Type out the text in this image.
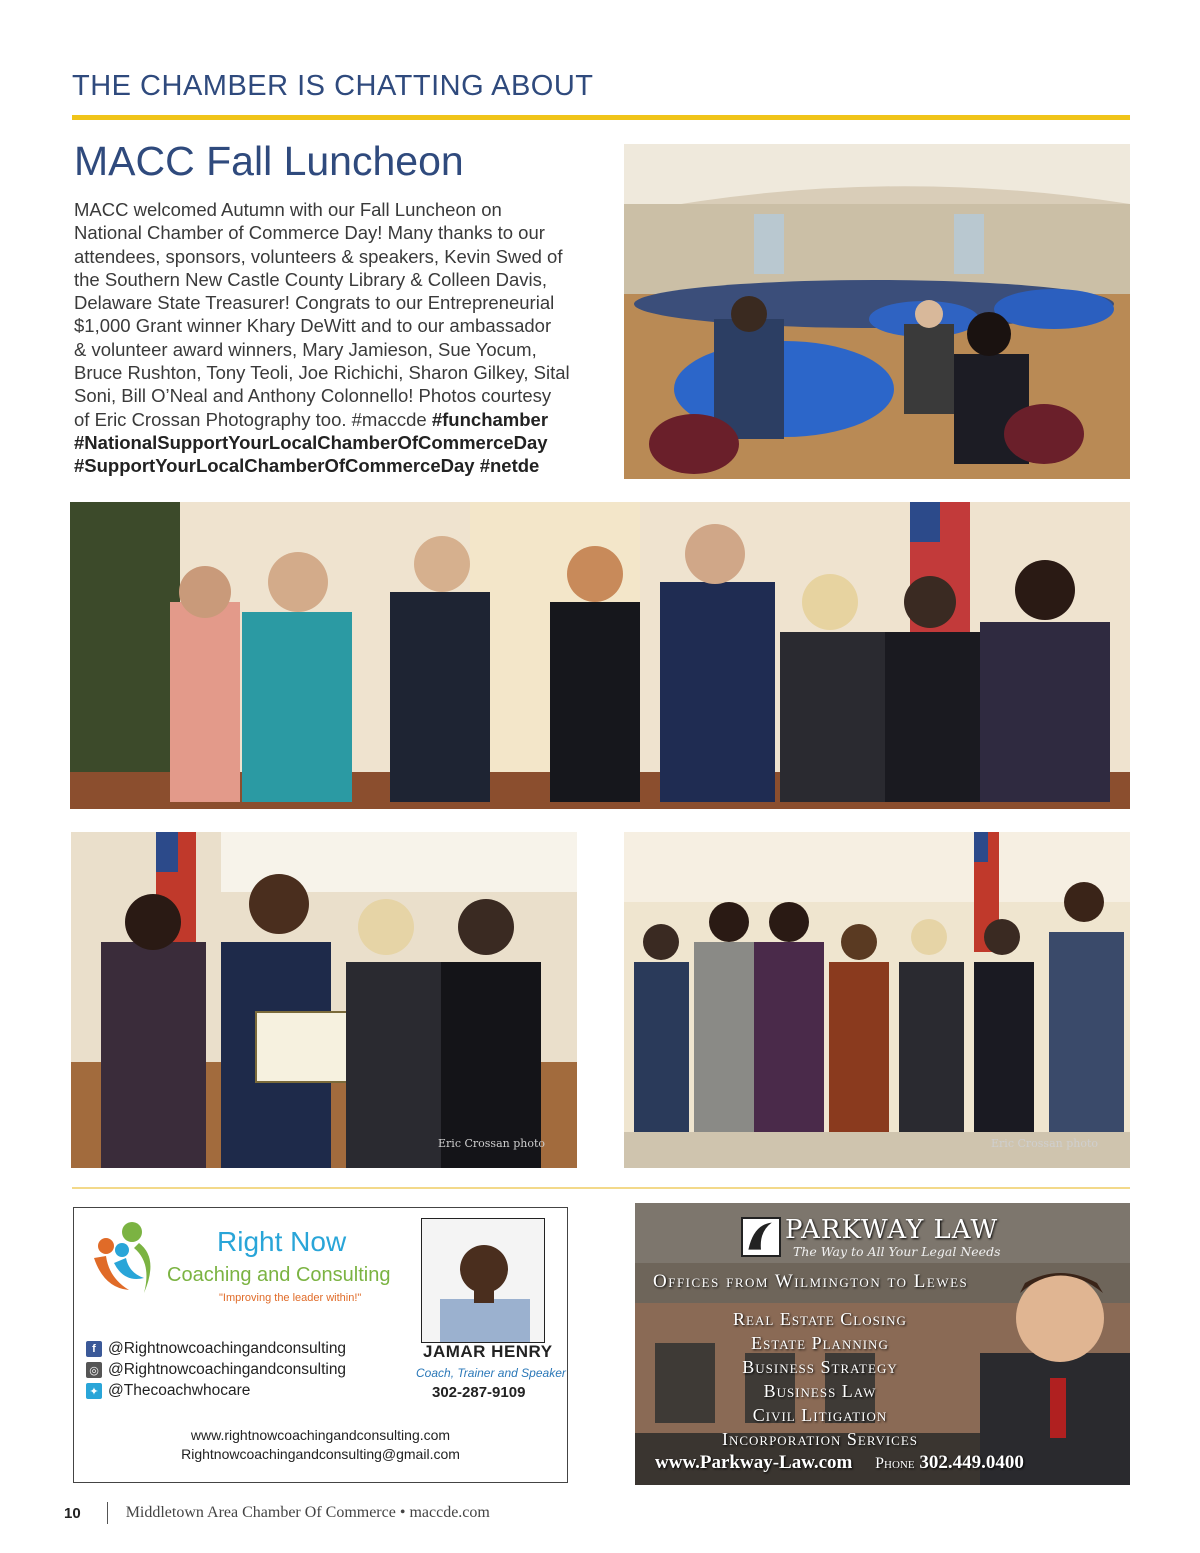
THE CHAMBER IS CHATTING ABOUT
MACC Fall Luncheon
MACC welcomed Autumn with our Fall Luncheon on
National Chamber of Commerce Day! Many thanks to our
attendees, sponsors, volunteers & speakers, Kevin Swed of
the Southern New Castle County Library & Colleen Davis,
Delaware State Treasurer! Congrats to our Entrepreneurial
$1,000 Grant winner Khary DeWitt and to our ambassador
& volunteer award winners, Mary Jamieson, Sue Yocum,
Bruce Rushton, Tony Teoli, Joe Richichi, Sharon Gilkey, Sital
Soni, Bill O’Neal and Anthony Colonnello! Photos courtesy
of Eric Crossan Photography too. #maccde #funchamber
#NationalSupportYourLocalChamberOfCommerceDay
#SupportYourLocalChamberOfCommerceDay #netde
Eric Crossan photo	Eric Crossan photo
Right Now
Coaching and Consulting
"Improving the leader within!"
f @Rightnowcoachingandconsulting
◎ @Rightnowcoachingandconsulting
✦ @Thecoachwhocare
JAMAR HENRY
Coach, Trainer and Speaker
302-287-9109
www.rightnowcoachingandconsulting.com
Rightnowcoachingandconsulting@gmail.com
PARKWAY LAW
The Way to All Your Legal Needs
Offices from Wilmington to Lewes
Real Estate Closing
Estate Planning
Business Strategy
Business Law
Civil Litigation
Incorporation Services
www.Parkway-Law.com Phone 302.449.0400
10	Middletown Area Chamber Of Commerce • maccde.com
